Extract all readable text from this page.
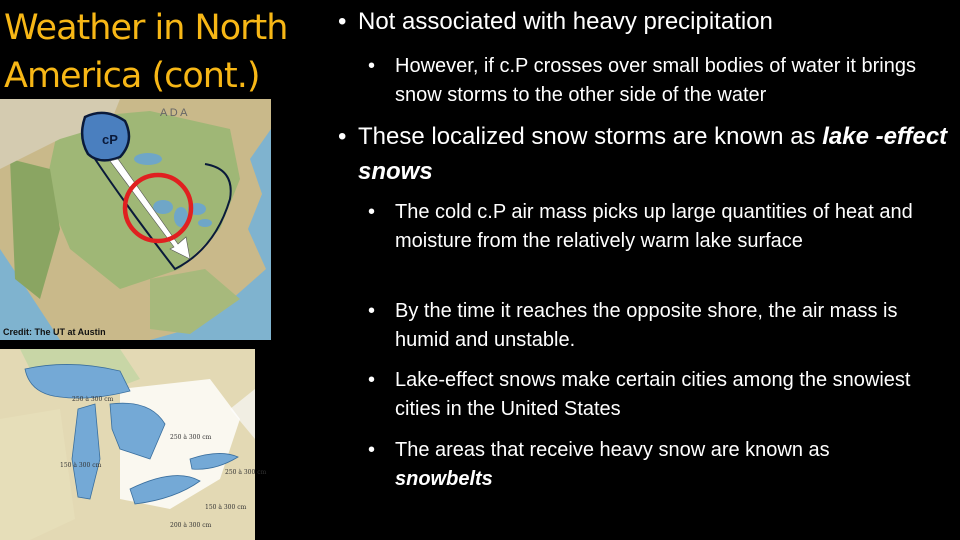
Weather in North
America (cont.)
• Not associated with heavy precipitation
• However, if c.P crosses over small bodies of water it brings snow storms to the other side of the water
• These localized snow storms are known as lake -effect snows
• The cold c.P air mass picks up large quantities of heat and moisture from the relatively warm lake surface
• By the time it reaches the opposite shore, the air mass is humid and unstable.
• Lake-effect snows make certain cities among the snowiest cities in the United States
• The areas that receive heavy snow are known as snowbelts
cP
A D A
Credit: The UT at Austin
250 à 300 cm
150 à 300 cm
250 à 300 cm
150 à 300 cm
250 à 300 cm
200 à 300 cm
